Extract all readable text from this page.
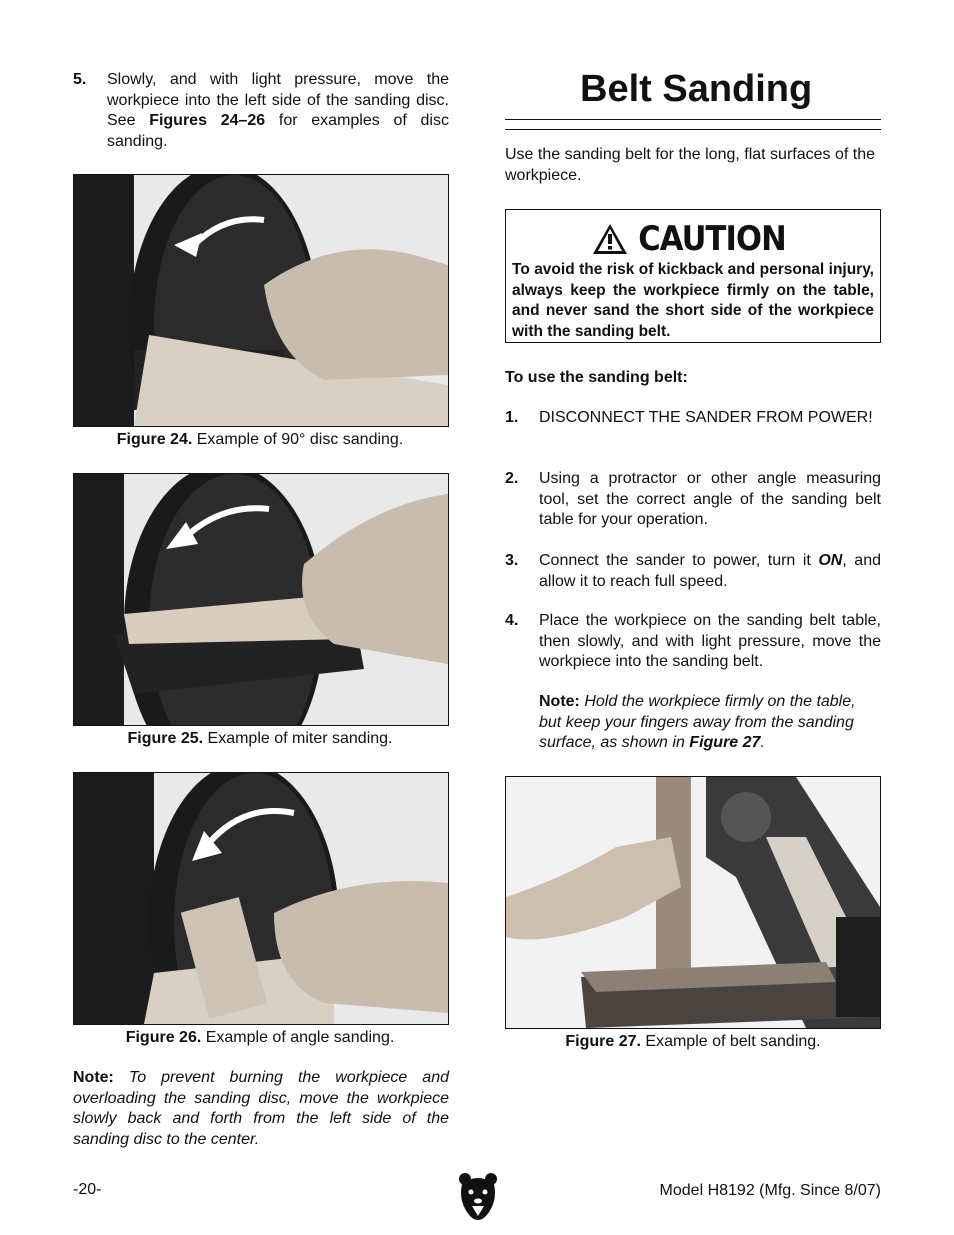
5.	Slowly, and with light pressure, move the workpiece into the left side of the sanding disc. See Figures 24–26 for examples of disc sanding.
Figure 24. Example of 90° disc sanding.
Figure 25. Example of miter sanding.
Figure 26. Example of angle sanding.
Note: To prevent burning the workpiece and overloading the sanding disc, move the workpiece slowly back and forth from the left side of the sanding disc to the center.
Belt Sanding
Use the sanding belt for the long, flat surfaces of the workpiece.
CAUTION
To avoid the risk of kickback and personal injury, always keep the workpiece firmly on the table, and never sand the short side of the workpiece with the sanding belt.
To use the sanding belt:
1.	DISCONNECT THE SANDER FROM POWER!
2.	Using a protractor or other angle measuring tool, set the correct angle of the sanding belt table for your operation.
3.	Connect the sander to power, turn it ON, and allow it to reach full speed.
4.	Place the workpiece on the sanding belt table, then slowly, and with light pressure, move the workpiece into the sanding belt.
Note: Hold the workpiece firmly on the table, but keep your fingers away from the sanding surface, as shown in Figure 27.
Figure 27. Example of belt sanding.
-20-	Model H8192 (Mfg. Since 8/07)
